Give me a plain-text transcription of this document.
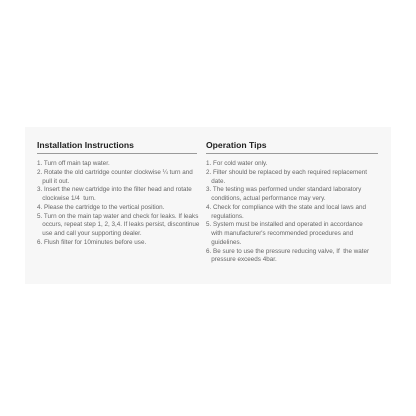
Installation Instructions
1. Turn off main tap water.
2. Rotate the old cartridge counter clockwise ¼ turn and
pull it out.
3. Insert the new cartridge into the filter head and rotate
clockwise 1/4  turn.
4. Please the cartridge to the vertical position.
5. Turn on the main tap water and check for leaks. If leaks
occurs, repeat step 1, 2, 3,4. If leaks persist, discontinue
use and call your supporting dealer.
6. Flush filter for 10minutes before use.
Operation Tips
1. For cold water only.
2. Filter should be replaced by each required replacement
date.
3. The testing was performed under standard laboratory
conditions, actual performance may very.
4. Check for compliance with the state and local laws and
regulations.
5. System must be installed and operated in accordance
with manufacturer's recommended procedures and
guidelines.
6. Be sure to use the pressure reducing valve, If  the water
pressure exceeds 4bar.
